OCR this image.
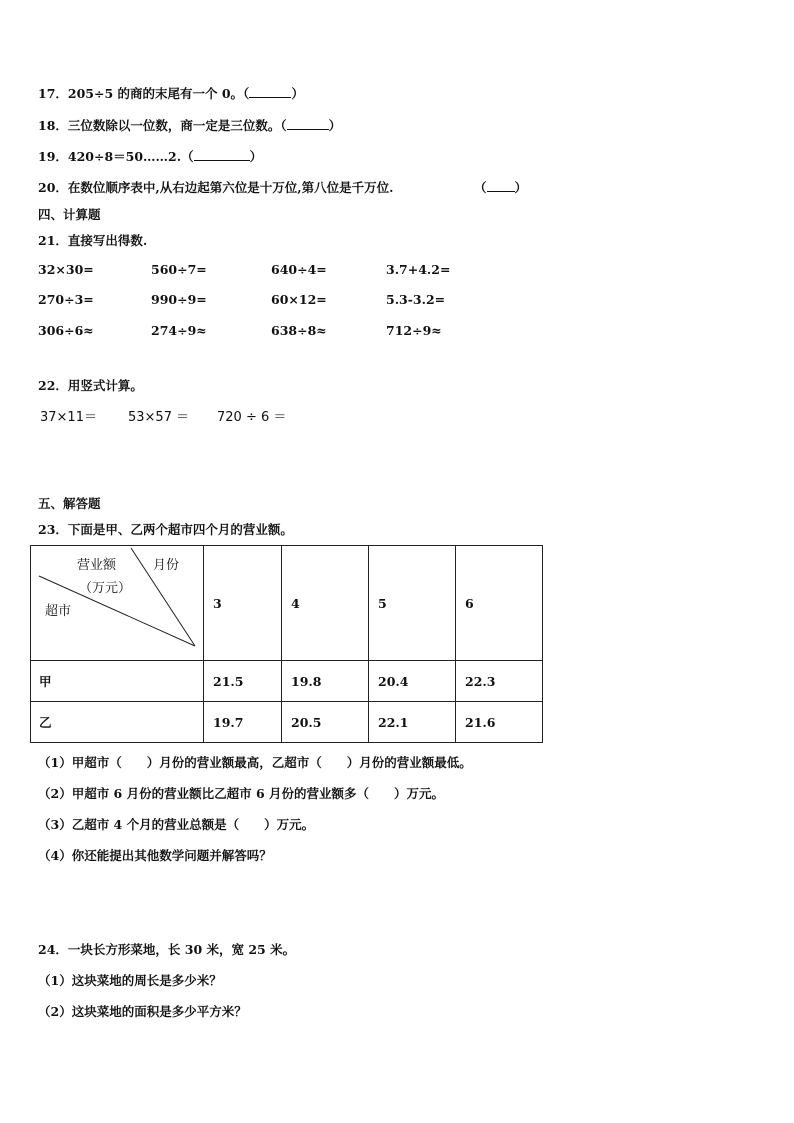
17．205÷5 的商的末尾有一个 0。（	）
18．三位数除以一位数，商一定是三位数。（	）
19．420÷8＝50……2.（	）
20．在数位顺序表中,从右边起第六位是十万位,第八位是千万位.	（ ）
四、计算题
21．直接写出得数.
32×30=	560÷7=	640÷4=	3.7+4.2=
270÷3=	990÷9=	60×12=	5.3-3.2=
306÷6≈	274÷9≈	638÷8≈	712÷9≈
22．用竖式计算。
37×11＝ 53×57 ＝ 720 ÷ 6 ＝
五、解答题
23．下面是甲、乙两个超市四个月的营业额。
营业额 月份
（万元）
超市	3	4	5	6
甲	21.5	19.8	20.4	22.3
乙	19.7	20.5	22.1	21.6
（1）甲超市（　　）月份的营业额最高，乙超市（　　）月份的营业额最低。
（2）甲超市 6 月份的营业额比乙超市 6 月份的营业额多（　　）万元。
（3）乙超市 4 个月的营业总额是（　　）万元。
（4）你还能提出其他数学问题并解答吗？
24．一块长方形菜地，长 30 米，宽 25 米。
（1）这块菜地的周长是多少米？
（2）这块菜地的面积是多少平方米？
